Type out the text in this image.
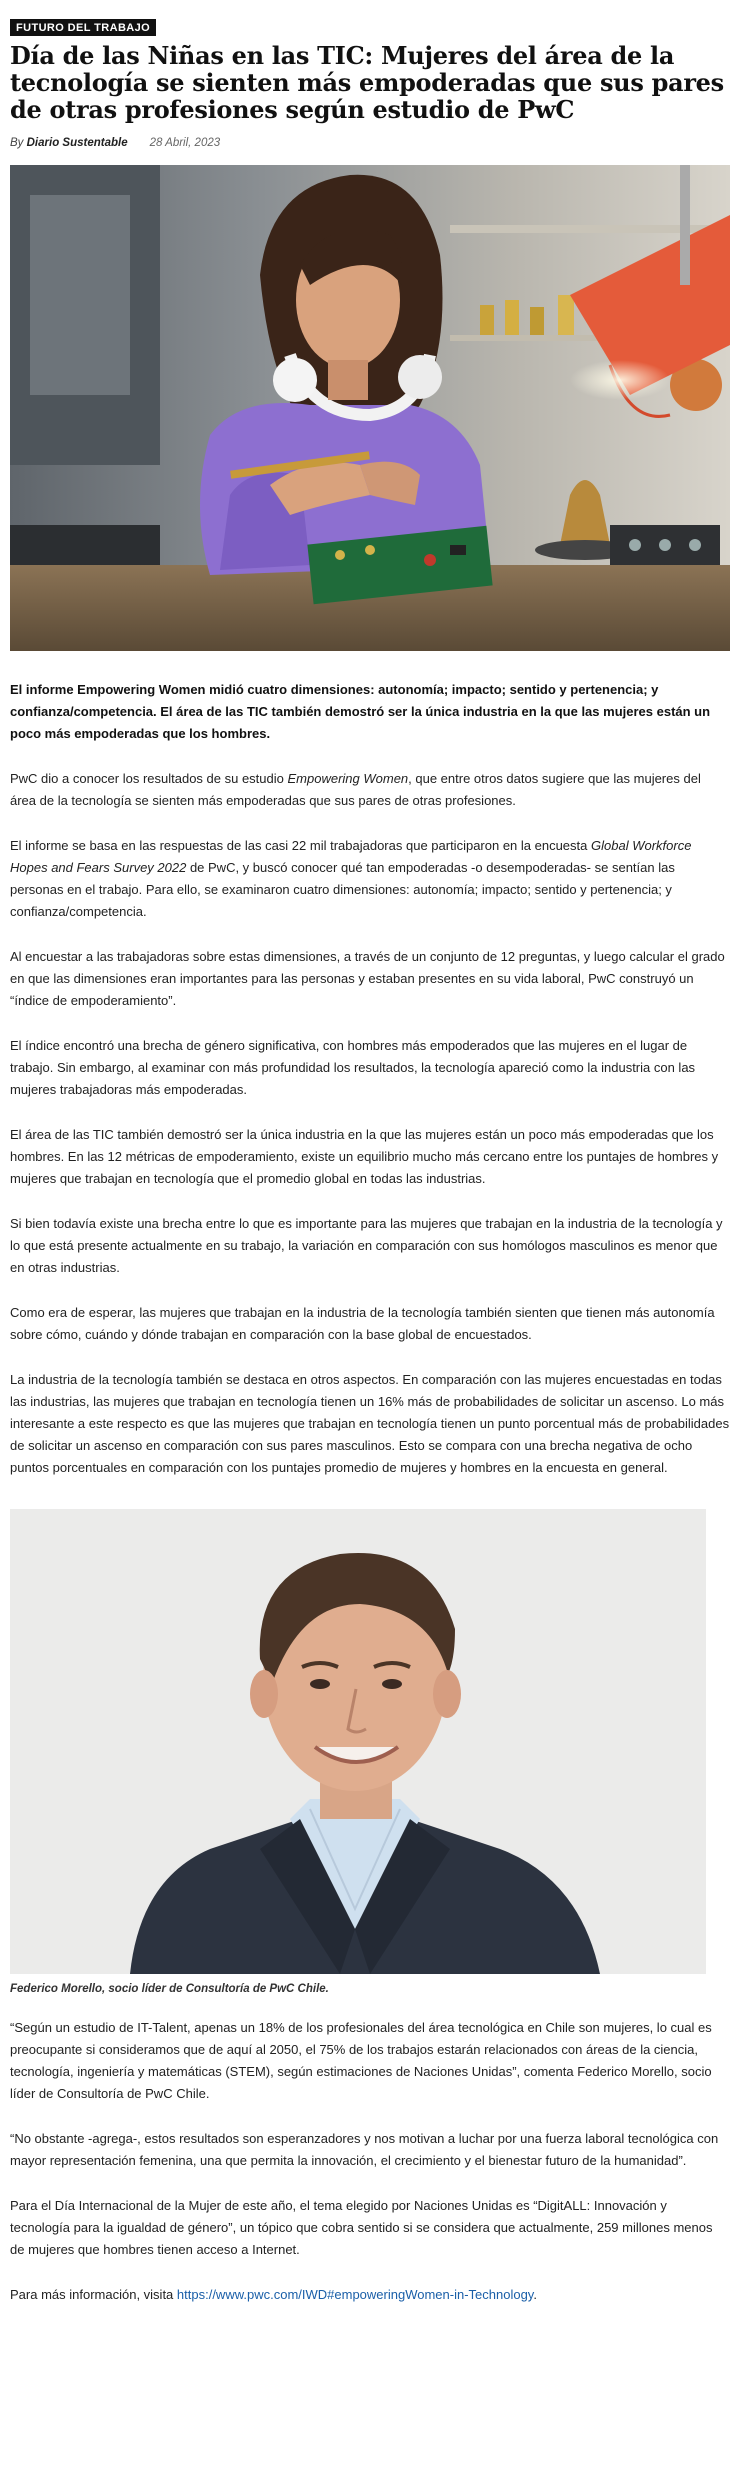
FUTURO DEL TRABAJO
Día de las Niñas en las TIC: Mujeres del área de la tecnología se sienten más empoderadas que sus pares de otras profesiones según estudio de PwC
By Diario Sustentable 28 Abril, 2023

El informe Empowering Women midió cuatro dimensiones: autonomía; impacto; sentido y pertenencia; y confianza/competencia. El área de las TIC también demostró ser la única industria en la que las mujeres están un poco más empoderadas que los hombres.

PwC dio a conocer los resultados de su estudio Empowering Women, que entre otros datos sugiere que las mujeres del área de la tecnología se sienten más empoderadas que sus pares de otras profesiones.

El informe se basa en las respuestas de las casi 22 mil trabajadoras que participaron en la encuesta Global Workforce Hopes and Fears Survey 2022 de PwC, y buscó conocer qué tan empoderadas -o desempoderadas- se sentían las personas en el trabajo. Para ello, se examinaron cuatro dimensiones: autonomía; impacto; sentido y pertenencia; y confianza/competencia.

Al encuestar a las trabajadoras sobre estas dimensiones, a través de un conjunto de 12 preguntas, y luego calcular el grado en que las dimensiones eran importantes para las personas y estaban presentes en su vida laboral, PwC construyó un “índice de empoderamiento”.

El índice encontró una brecha de género significativa, con hombres más empoderados que las mujeres en el lugar de trabajo. Sin embargo, al examinar con más profundidad los resultados, la tecnología apareció como la industria con las mujeres trabajadoras más empoderadas.

El área de las TIC también demostró ser la única industria en la que las mujeres están un poco más empoderadas que los hombres. En las 12 métricas de empoderamiento, existe un equilibrio mucho más cercano entre los puntajes de hombres y mujeres que trabajan en tecnología que el promedio global en todas las industrias.

Si bien todavía existe una brecha entre lo que es importante para las mujeres que trabajan en la industria de la tecnología y lo que está presente actualmente en su trabajo, la variación en comparación con sus homólogos masculinos es menor que en otras industrias.

Como era de esperar, las mujeres que trabajan en la industria de la tecnología también sienten que tienen más autonomía sobre cómo, cuándo y dónde trabajan en comparación con la base global de encuestados.

La industria de la tecnología también se destaca en otros aspectos. En comparación con las mujeres encuestadas en todas las industrias, las mujeres que trabajan en tecnología tienen un 16% más de probabilidades de solicitar un ascenso. Lo más interesante a este respecto es que las mujeres que trabajan en tecnología tienen un punto porcentual más de probabilidades de solicitar un ascenso en comparación con sus pares masculinos. Esto se compara con una brecha negativa de ocho puntos porcentuales en comparación con los puntajes promedio de mujeres y hombres en la encuesta en general.

Federico Morello, socio líder de Consultoría de PwC Chile.

“Según un estudio de IT-Talent, apenas un 18% de los profesionales del área tecnológica en Chile son mujeres, lo cual es preocupante si consideramos que de aquí al 2050, el 75% de los trabajos estarán relacionados con áreas de la ciencia, tecnología, ingeniería y matemáticas (STEM), según estimaciones de Naciones Unidas”, comenta Federico Morello, socio líder de Consultoría de PwC Chile.

“No obstante -agrega-, estos resultados son esperanzadores y nos motivan a luchar por una fuerza laboral tecnológica con mayor representación femenina, una que permita la innovación, el crecimiento y el bienestar futuro de la humanidad”.

Para el Día Internacional de la Mujer de este año, el tema elegido por Naciones Unidas es “DigitALL: Innovación y tecnología para la igualdad de género”, un tópico que cobra sentido si se considera que actualmente, 259 millones menos de mujeres que hombres tienen acceso a Internet.

Para más información, visita https://www.pwc.com/IWD#empoweringWomen-in-Technology.
